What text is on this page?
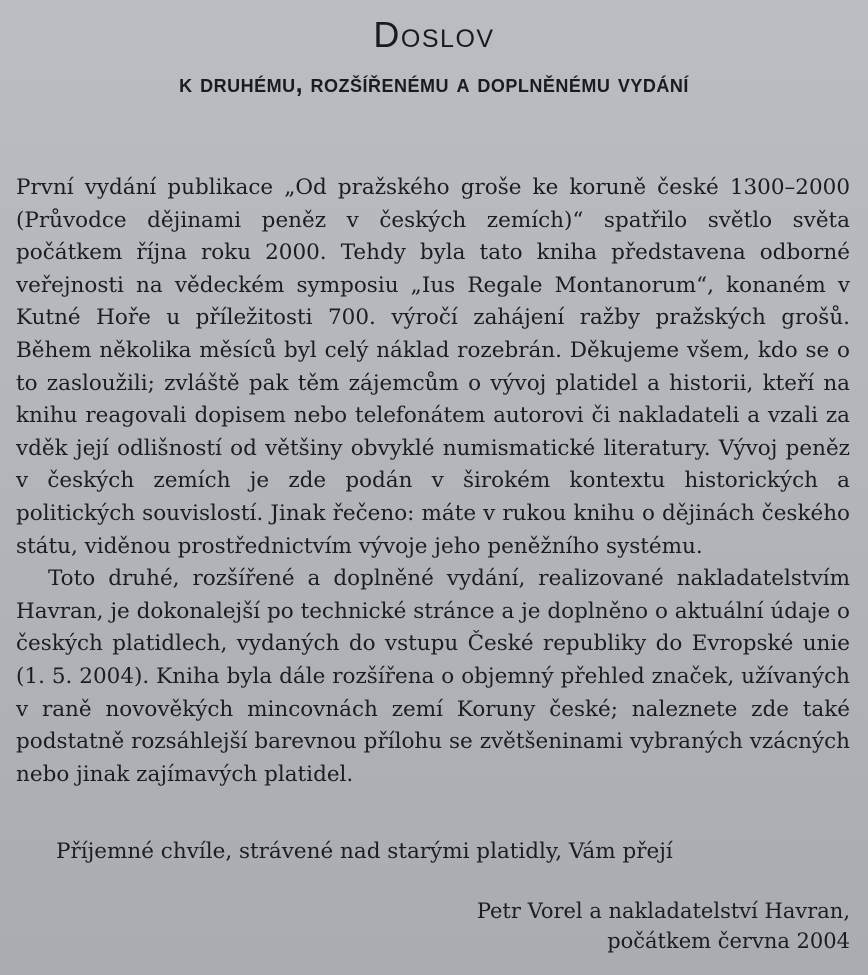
Doslov
k druhému, rozšířenému a doplněnému vydání

První vydání publikace „Od pražského groše ke koruně české 1300–2000 (Průvodce dějinami peněz v českých zemích)“ spatřilo světlo světa počátkem října roku 2000. Tehdy byla tato kniha představena odborné veřejnosti na vědeckém symposiu „Ius Regale Montanorum“, konaném v Kutné Hoře u příležitosti 700. výročí zahájení ražby pražských grošů. Během několika měsíců byl celý náklad rozebrán. Děkujeme všem, kdo se o to zasloužili; zvláště pak těm zájemcům o vývoj platidel a historii, kteří na knihu reagovali dopisem nebo telefonátem autorovi či nakladateli a vzali za vděk její odlišností od většiny obvyklé numismatické literatury. Vývoj peněz v českých zemích je zde podán v širokém kontextu historických a politických souvislostí. Jinak řečeno: máte v rukou knihu o dějinách českého státu, viděnou prostřednictvím vývoje jeho peněžního systému.

Toto druhé, rozšířené a doplněné vydání, realizované nakladatelstvím Havran, je dokonalejší po technické stránce a je doplněno o aktuální údaje o českých platidlech, vydaných do vstupu České republiky do Evropské unie (1. 5. 2004). Kniha byla dále rozšířena o objemný přehled značek, užívaných v raně novověkých mincovnách zemí Koruny české; naleznete zde také podstatně rozsáhlejší barevnou přílohu se zvětšeninami vybraných vzácných nebo jinak zajímavých platidel.

Příjemné chvíle, strávené nad starými platidly, Vám přejí
Petr Vorel a nakladatelství Havran,
počátkem června 2004
